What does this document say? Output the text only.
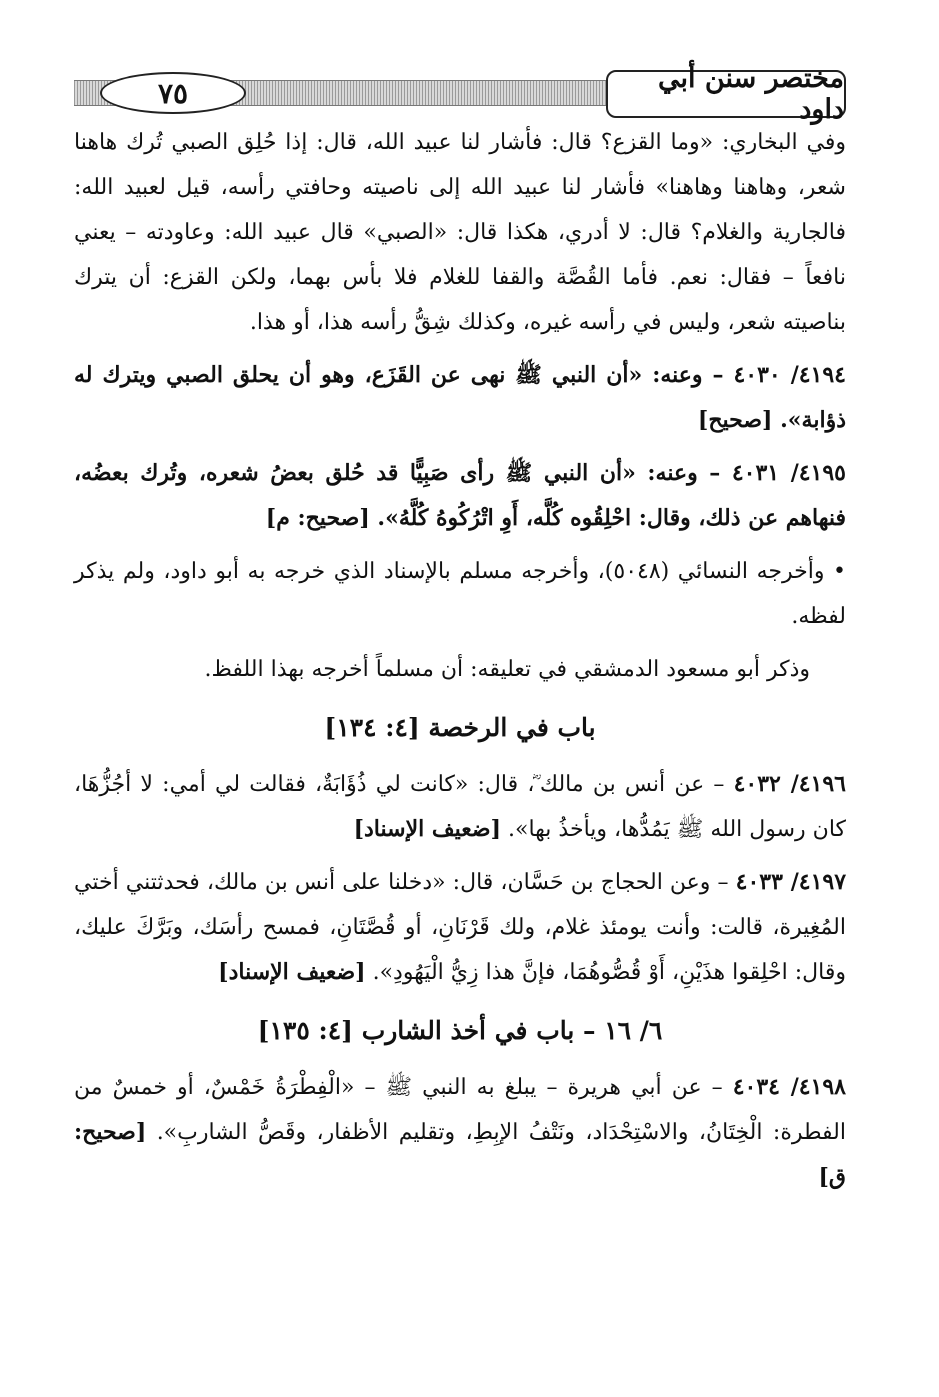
٧٥	مختصر سنن أبي داود

وفي البخاري: «وما القزع؟ قال: فأشار لنا عبيد الله، قال: إذا حُلِق الصبي تُرك هاهنا شعر، وهاهنا وهاهنا» فأشار لنا عبيد الله إلى ناصيته وحافتي رأسه، قيل لعبيد الله: فالجارية والغلام؟ قال: لا أدري، هكذا قال: «الصبي» قال عبيد الله: وعاودته – يعني نافعاً – فقال: نعم. فأما القُصَّة والقفا للغلام فلا بأس بهما، ولكن القزع: أن يترك بناصيته شعر، وليس في رأسه غيره، وكذلك شِقُّ رأسه هذا، أو هذا.

٤١٩٤/ ٤٠٣٠ – وعنه: «أن النبي ﷺ نهى عن القَزَع، وهو أن يحلق الصبي ويترك له ذؤابة». [صحيح]

٤١٩٥/ ٤٠٣١ – وعنه: «أن النبي ﷺ رأى صَبِيًّا قد حُلق بعضُ شعره، وتُرك بعضُه، فنهاهم عن ذلك، وقال: احْلِقُوه كُلَّه، أَوِ اتْرُكُوهُ كُلَّهُ». [صحيح: م]

• وأخرجه النسائي (٥٠٤٨)، وأخرجه مسلم بالإسناد الذي خرجه به أبو داود، ولم يذكر لفظه.

وذكر أبو مسعود الدمشقي في تعليقه: أن مسلماً أخرجه بهذا اللفظ.

باب في الرخصة [٤: ١٣٤]

٤١٩٦/ ٤٠٣٢ – عن أنس بن مالك ؓ، قال: «كانت لي ذُؤَابَةٌ، فقالت لي أمي: لا أجُزُّهَا، كان رسول الله ﷺ يَمُدُّها، ويأخذُ بها». [ضعيف الإسناد]

٤١٩٧/ ٤٠٣٣ – وعن الحجاج بن حَسَّان، قال: «دخلنا على أنس بن مالك، فحدثتني أختي المُغِيرة، قالت: وأنت يومئذ غلام، ولك قَرْنَانِ، أو قُصَّتَانِ، فمسح رأسَك، وبَرَّكَ عليك، وقال: احْلِقوا هذَيْنِ، أَوْ قُصُّوهُمَا، فإنَّ هذا زِيُّ الْيَهُودِ». [ضعيف الإسناد]

٦/ ١٦ – باب في أخذ الشارب [٤: ١٣٥]

٤١٩٨/ ٤٠٣٤ – عن أبي هريرة – يبلغ به النبي ﷺ – «الْفِطْرَةُ خَمْسٌ، أو خمسٌ من الفطرة: الْخِتَانُ، والاسْتِحْدَاد، ونَتْفُ الإبِطِ، وتقليم الأظفار، وقَصُّ الشاربِ». [صحيح: ق]
